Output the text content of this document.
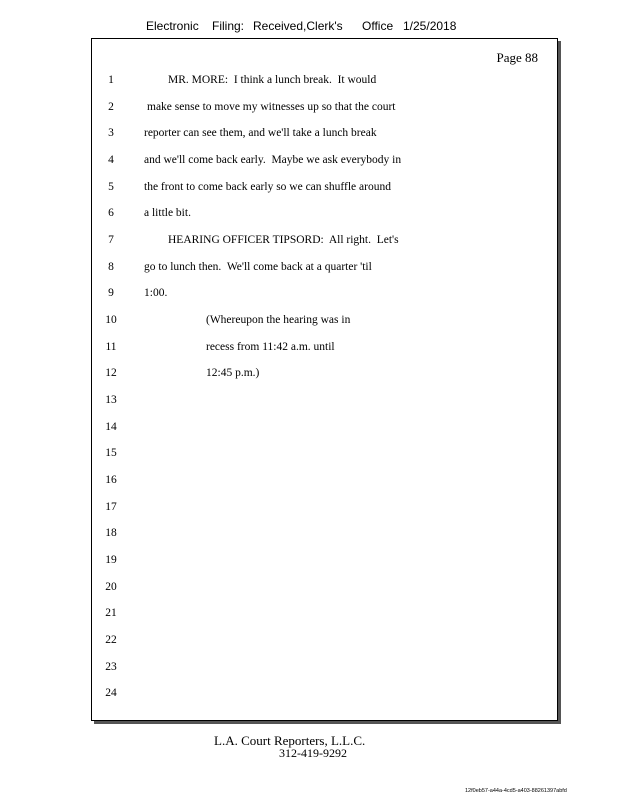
Electronic Filing: Received,Clerk's Office 1/25/2018
Page 88
1	MR. MORE:  I think a lunch break.  It would
2	make sense to move my witnesses up so that the court
3	reporter can see them, and we'll take a lunch break
4	and we'll come back early.  Maybe we ask everybody in
5	the front to come back early so we can shuffle around
6	a little bit.
7	HEARING OFFICER TIPSORD:  All right.  Let's
8	go to lunch then.  We'll come back at a quarter 'til
9	1:00.
10	(Whereupon the hearing was in
11	recess from 11:42 a.m. until
12	12:45 p.m.)
13
14
15
16
17
18
19
20
21
22
23
24
L.A. Court Reporters, L.L.C.
312-419-9292
12f0eb57-a44a-4cd5-a403-88261397abfd
